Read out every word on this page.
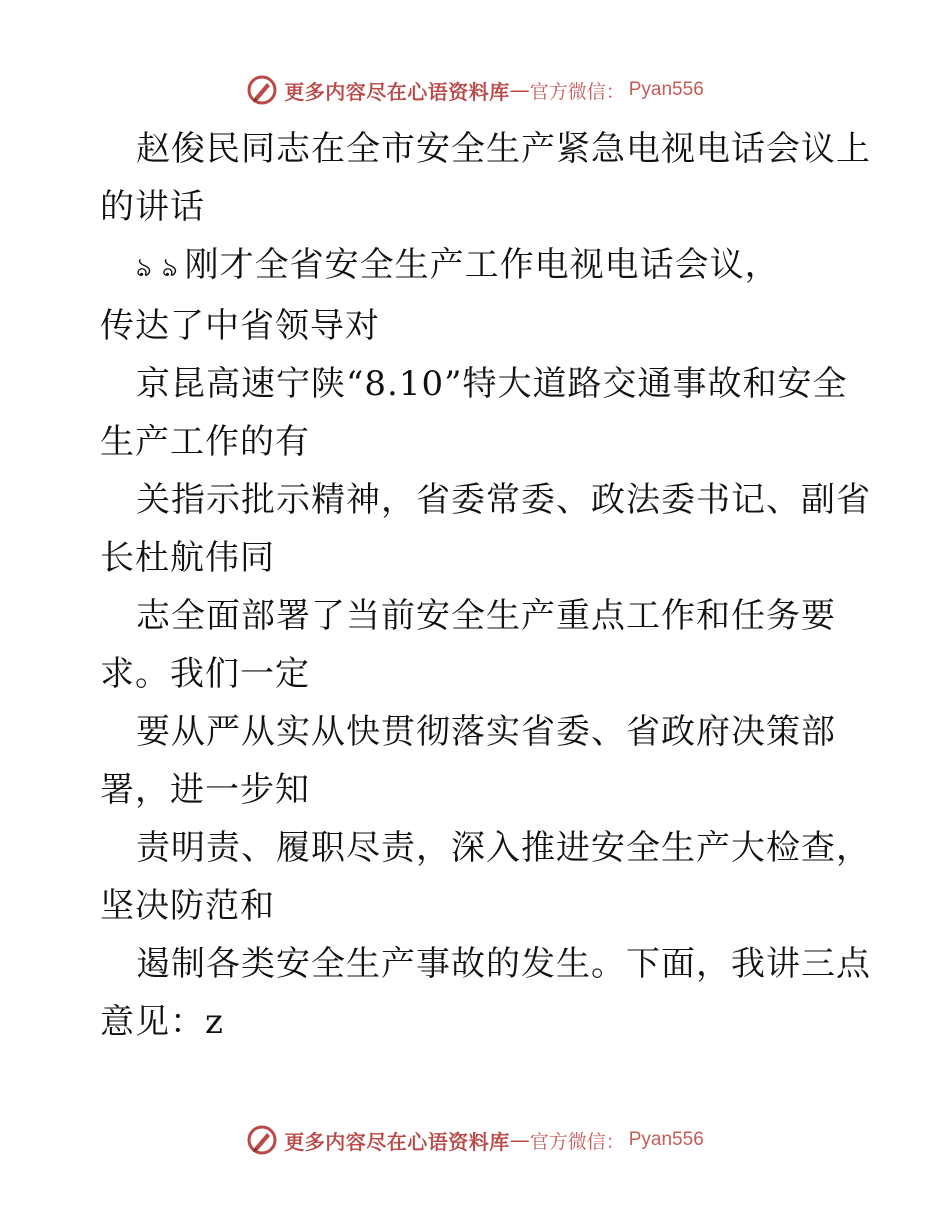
更多内容尽在心语资料库 — 官方微信： Pyan556
赵俊民同志在全市安全生产紧急电视电话会议上
的讲话
ঌ ঌ 刚才全省安全生产工作电视电话会议，
传达了中省领导对
京昆高速宁陕“8.10”特大道路交通事故和安全
生产工作的有
关指示批示精神，省委常委、政法委书记、副省
长杜航伟同
志全面部署了当前安全生产重点工作和任务要
求。我们一定
要从严从实从快贯彻落实省委、省政府决策部
署，进一步知
责明责、履职尽责，深入推进安全生产大检查，
坚决防范和
遏制各类安全生产事故的发生。下面，我讲三点
意见：z
更多内容尽在心语资料库 — 官方微信： Pyan556
